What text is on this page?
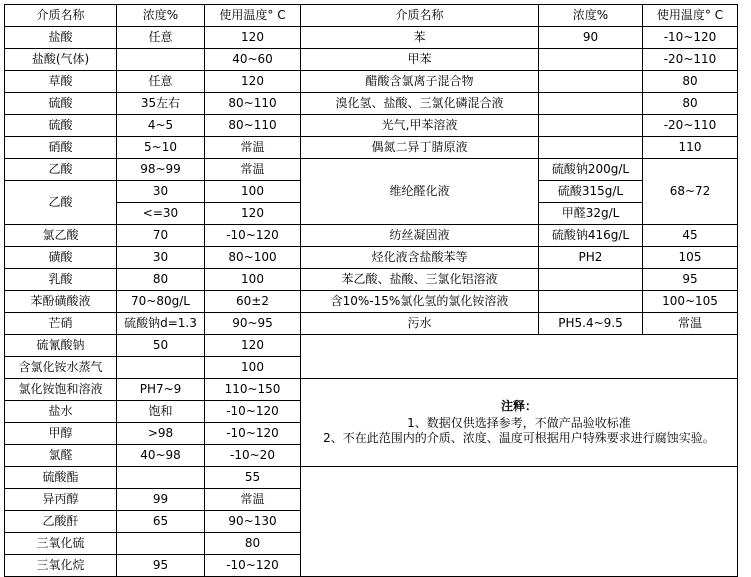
介质名称	浓度%	使用温度° C	介质名称	浓度%	使用温度° C
盐酸	任意	120	苯	90	-10~120
盐酸(气体)		40~60	甲苯		-20~110
草酸	任意	120	醋酸含氯离子混合物		80
硫酸	35左右	80~110	溴化氢、盐酸、三氯化磷混合液		80
硫酸	4~5	80~110	光气,甲苯溶液		-20~110
硝酸	5~10	常温	偶氮二异丁腈原液		110
乙酸	98~99	常温	维纶醛化液	硫酸钠200g/L	68~72
乙酸	30	100		硫酸315g/L	
	<=30	120		甲醛32g/L	
氯乙酸	70	-10~120	纺丝凝固液	硫酸钠416g/L	45
磺酸	30	80~100	烃化液含盐酸苯等	PH2	105
乳酸	80	100	苯乙酸、盐酸、三氯化铝溶液		95
苯酚磺酸液	70~80g/L	60±2	含10%-15%氯化氢的氯化铵溶液		100~105
芒硝	硫酸钠d=1.3	90~95	污水	PH5.4~9.5	常温
硫氰酸钠	50	120			
含氯化铵水蒸气		100			
氯化铵饱和溶液	PH7~9	110~150	注释：
1、数据仅供选择参考，不做产品验收标准
2、不在此范围内的介质、浓度、温度可根据用户特殊要求进行腐蚀实验。		

盐水	饱和	-10~120			
甲醇	>98	-10~120			
氯醛	40~98	-10~20			
硫酸酯		55			
异丙醇	99	常温			
乙酸酐	65	90~130			
三氧化硫		80			
三氧化烷	95	-10~120			
